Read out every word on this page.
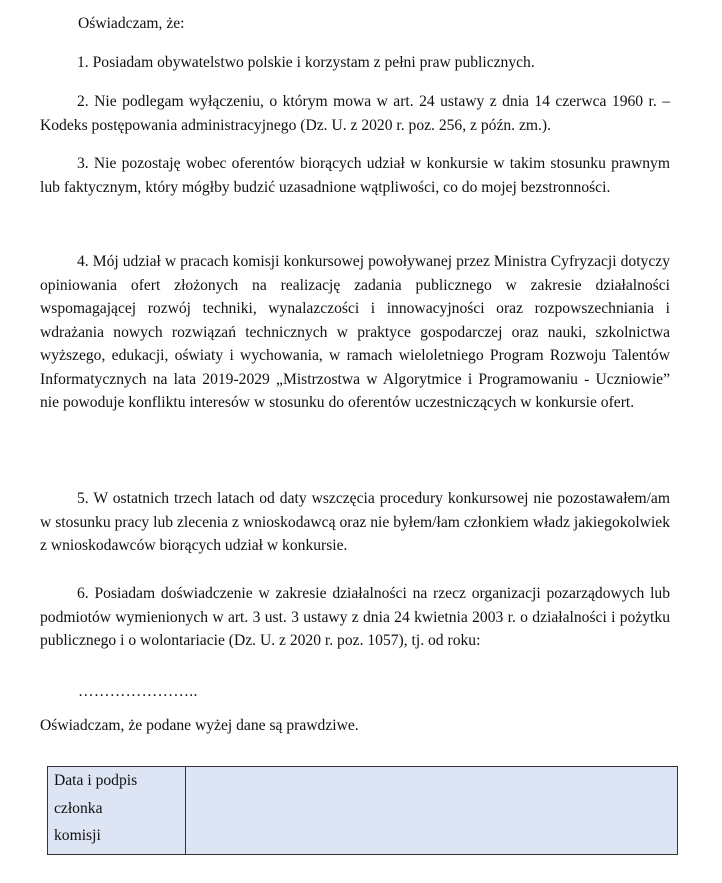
Oświadczam, że:

1. Posiadam obywatelstwo polskie i korzystam z pełni praw publicznych.

2. Nie podlegam wyłączeniu, o którym mowa w art. 24 ustawy z dnia 14 czerwca 1960 r. – Kodeks postępowania administracyjnego (Dz. U. z 2020 r. poz. 256, z późn. zm.).

3. Nie pozostaję wobec oferentów biorących udział w konkursie w takim stosunku prawnym lub faktycznym, który mógłby budzić uzasadnione wątpliwości, co do mojej bezstronności.

4. Mój udział w pracach komisji konkursowej powoływanej przez Ministra Cyfryzacji dotyczy opiniowania ofert złożonych na realizację zadania publicznego w zakresie działalności wspomagającej rozwój techniki, wynalazczości i innowacyjności oraz rozpowszechniania i wdrażania nowych rozwiązań technicznych w praktyce gospodarczej oraz nauki, szkolnictwa wyższego, edukacji, oświaty i wychowania, w ramach wieloletniego Program Rozwoju Talentów Informatycznych na lata 2019-2029 „Mistrzostwa w Algorytmice i Programowaniu - Uczniowie” nie powoduje konfliktu interesów w stosunku do oferentów uczestniczących w konkursie ofert.

5. W ostatnich trzech latach od daty wszczęcia procedury konkursowej nie pozostawałem/am w stosunku pracy lub zlecenia z wnioskodawcą oraz nie byłem/łam członkiem władz jakiegokolwiek z wnioskodawców biorących udział w konkursie.

6. Posiadam doświadczenie w zakresie działalności na rzecz organizacji pozarządowych lub podmiotów wymienionych w art. 3 ust. 3 ustawy z dnia 24 kwietnia 2003 r. o działalności i pożytku publicznego i o wolontariacie (Dz. U. z 2020 r. poz. 1057), tj. od roku:

…………………..
Oświadczam, że podane wyżej dane są prawdziwe.
Data i podpis
członka
komisji
